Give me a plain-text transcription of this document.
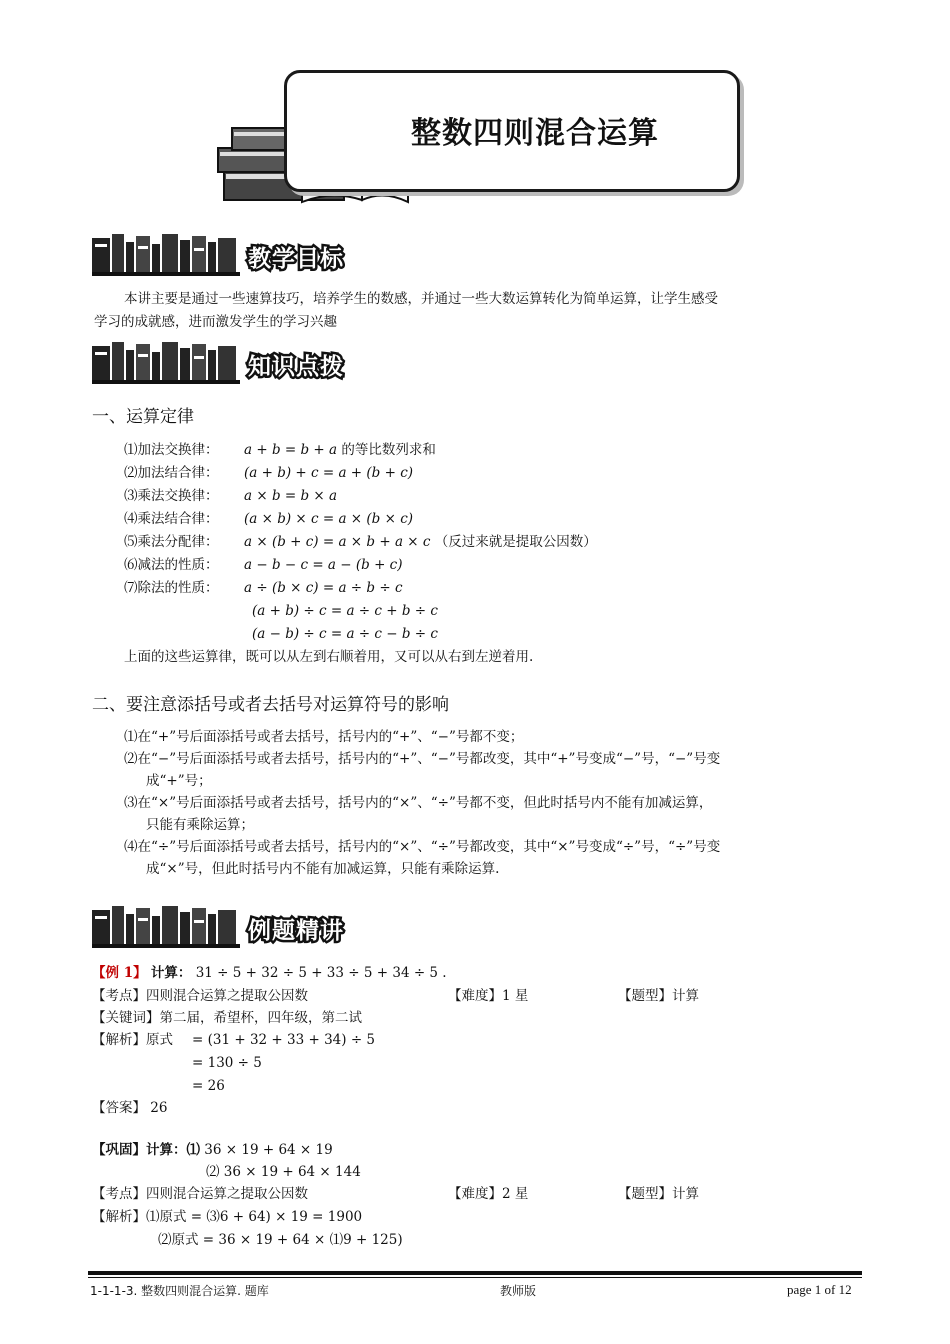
整数四则混合运算
教学目标
本讲主要是通过一些速算技巧，培养学生的数感，并通过一些大数运算转化为简单运算，让学生感受
学习的成就感，进而激发学生的学习兴趣
知识点拨
一、运算定律
⑴加法交换律： a + b = b + a 的等比数列求和
⑵加法结合律： (a + b) + c = a + (b + c)
⑶乘法交换律： a × b = b × a
⑷乘法结合律： (a × b) × c = a × (b × c)
⑸乘法分配律： a × (b + c) = a × b + a × c （反过来就是提取公因数）
⑹减法的性质： a − b − c = a − (b + c)
⑺除法的性质： a ÷ (b × c) = a ÷ b ÷ c
(a + b) ÷ c = a ÷ c + b ÷ c
(a − b) ÷ c = a ÷ c − b ÷ c
上面的这些运算律，既可以从左到右顺着用，又可以从右到左逆着用.
二、要注意添括号或者去括号对运算符号的影响
⑴在“+”号后面添括号或者去括号，括号内的“+”、“−”号都不变；
⑵在“−”号后面添括号或者去括号，括号内的“+”、“−”号都改变，其中“+”号变成“−”号，“−”号变
成“+”号；
⑶在“×”号后面添括号或者去括号，括号内的“×”、“÷”号都不变，但此时括号内不能有加减运算，
只能有乘除运算；
⑷在“÷”号后面添括号或者去括号，括号内的“×”、“÷”号都改变，其中“×”号变成“÷”号，“÷”号变
成“×”号，但此时括号内不能有加减运算，只能有乘除运算.
例题精讲
【例 1】 计算： 31 ÷ 5 + 32 ÷ 5 + 33 ÷ 5 + 34 ÷ 5 .
【考点】四则混合运算之提取公因数	【难度】1 星	【题型】计算
【关键词】第二届，希望杯，四年级，第二试
【解析】原式 = (31 + 32 + 33 + 34) ÷ 5
= 130 ÷ 5
= 26
【答案】 26
【巩固】计算：⑴ 36 × 19 + 64 × 19
⑵ 36 × 19 + 64 × 144
【考点】四则混合运算之提取公因数	【难度】2 星	【题型】计算
【解析】⑴原式 = ⑶6 + 64) × 19 = 1900
⑵原式 = 36 × 19 + 64 × ⑴9 + 125)
1-1-1-3. 整数四则混合运算. 题库	教师版	page 1 of 12
